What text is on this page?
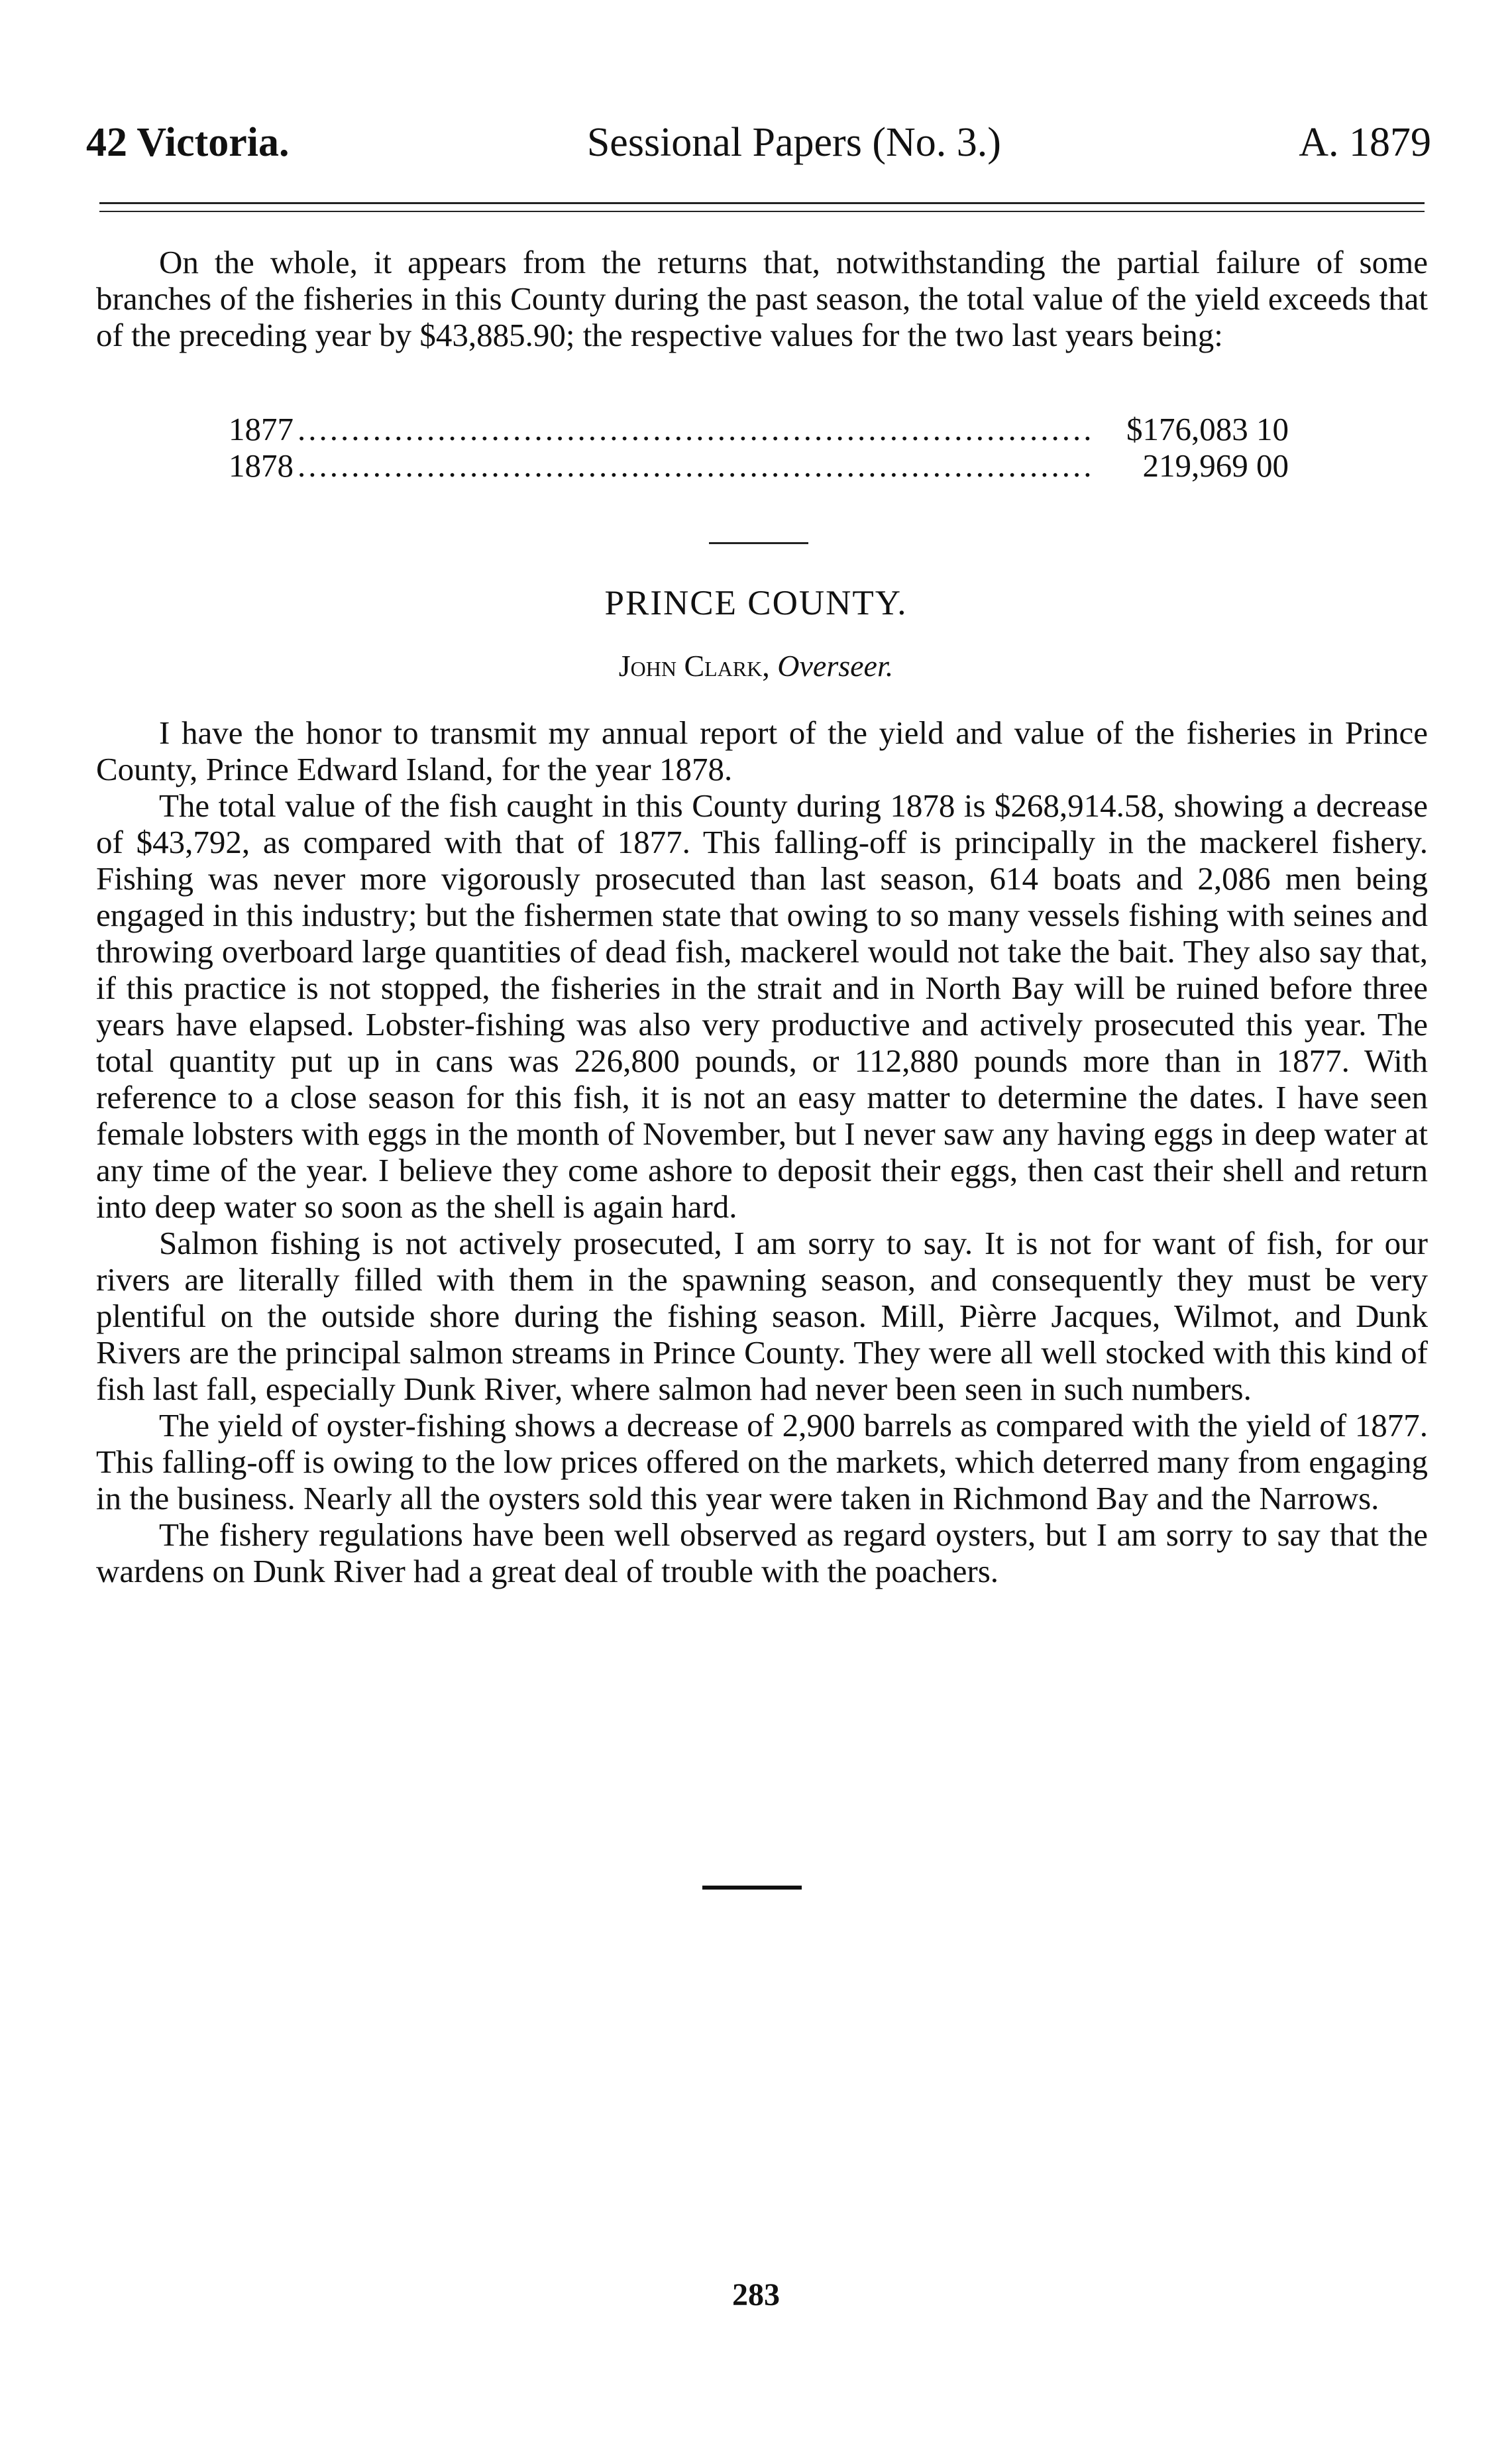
42 Victoria.	Sessional Papers (No. 3.)	A. 1879

On the whole, it appears from the returns that, notwithstanding the partial failure of some branches of the fisheries in this County during the past season, the total value of the yield exceeds that of the preceding year by $43,885.90; the respective values for the two last years being:

1877 .....	$176,083 10
1878 .....	219,969 00
PRINCE COUNTY.
John Clark, Overseer.

I have the honor to transmit my annual report of the yield and value of the fisheries in Prince County, Prince Edward Island, for the year 1878.

The total value of the fish caught in this County during 1878 is $268,914.58, showing a decrease of $43,792, as compared with that of 1877. This falling-off is principally in the mackerel fishery. Fishing was never more vigorously prosecuted than last season, 614 boats and 2,086 men being engaged in this industry; but the fishermen state that owing to so many vessels fishing with seines and throwing overboard large quantities of dead fish, mackerel would not take the bait. They also say that, if this practice is not stopped, the fisheries in the strait and in North Bay will be ruined before three years have elapsed. Lobster-fishing was also very productive and actively prosecuted this year. The total quantity put up in cans was 226,800 pounds, or 112,880 pounds more than in 1877. With reference to a close season for this fish, it is not an easy matter to determine the dates. I have seen female lobsters with eggs in the month of November, but I never saw any having eggs in deep water at any time of the year. I believe they come ashore to deposit their eggs, then cast their shell and return into deep water so soon as the shell is again hard.

Salmon fishing is not actively prosecuted, I am sorry to say. It is not for want of fish, for our rivers are literally filled with them in the spawning season, and consequently they must be very plentiful on the outside shore during the fishing season. Mill, Pièrre Jacques, Wilmot, and Dunk Rivers are the principal salmon streams in Prince County. They were all well stocked with this kind of fish last fall, especially Dunk River, where salmon had never been seen in such numbers.

The yield of oyster-fishing shows a decrease of 2,900 barrels as compared with the yield of 1877. This falling-off is owing to the low prices offered on the markets, which deterred many from engaging in the business. Nearly all the oysters sold this year were taken in Richmond Bay and the Narrows.

The fishery regulations have been well observed as regard oysters, but I am sorry to say that the wardens on Dunk River had a great deal of trouble with the poachers.

283
